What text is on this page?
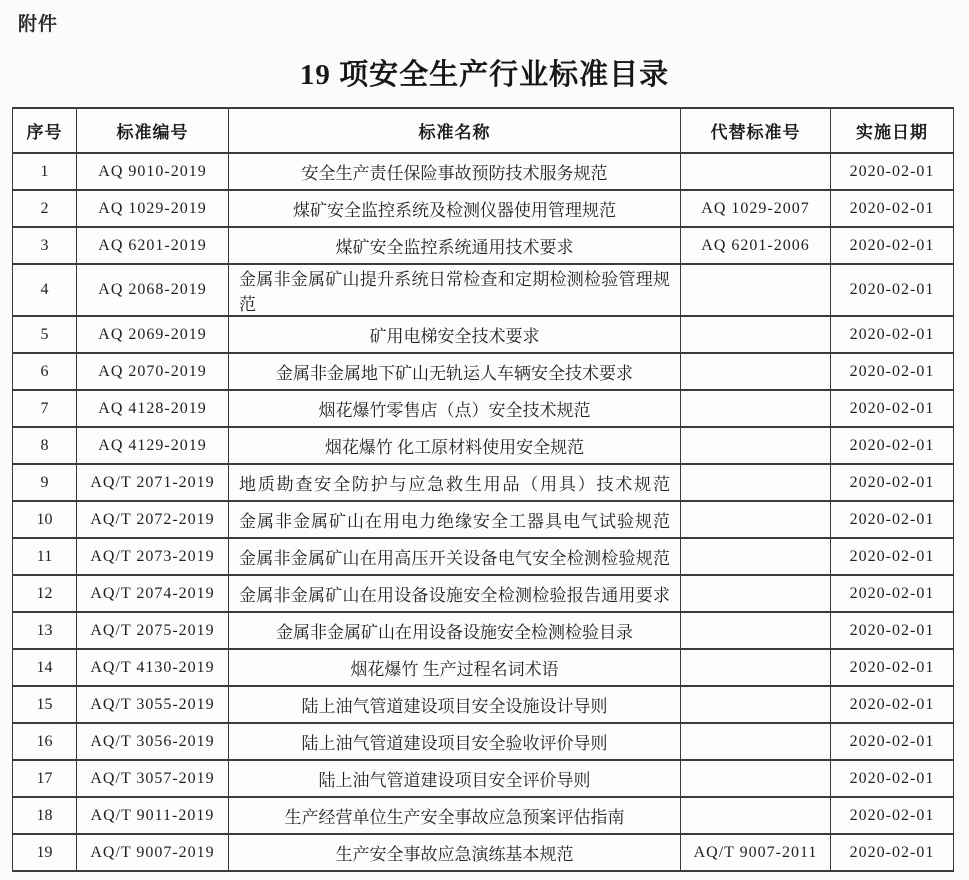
附件
19 项安全生产行业标准目录
序号	标准编号	标准名称	代替标准号	实施日期
1	AQ 9010-2019	安全生产责任保险事故预防技术服务规范		2020-02-01
2	AQ 1029-2019	煤矿安全监控系统及检测仪器使用管理规范	AQ 1029-2007	2020-02-01
3	AQ 6201-2019	煤矿安全监控系统通用技术要求	AQ 6201-2006	2020-02-01
4	AQ 2068-2019	金属非金属矿山提升系统日常检查和定期检测检验管理规范		2020-02-01
5	AQ 2069-2019	矿用电梯安全技术要求		2020-02-01
6	AQ 2070-2019	金属非金属地下矿山无轨运人车辆安全技术要求		2020-02-01
7	AQ 4128-2019	烟花爆竹零售店（点）安全技术规范		2020-02-01
8	AQ 4129-2019	烟花爆竹 化工原材料使用安全规范		2020-02-01
9	AQ/T 2071-2019	地质勘查安全防护与应急救生用品（用具）技术规范		2020-02-01
10	AQ/T 2072-2019	金属非金属矿山在用电力绝缘安全工器具电气试验规范		2020-02-01
11	AQ/T 2073-2019	金属非金属矿山在用高压开关设备电气安全检测检验规范		2020-02-01
12	AQ/T 2074-2019	金属非金属矿山在用设备设施安全检测检验报告通用要求		2020-02-01
13	AQ/T 2075-2019	金属非金属矿山在用设备设施安全检测检验目录		2020-02-01
14	AQ/T 4130-2019	烟花爆竹 生产过程名词术语		2020-02-01
15	AQ/T 3055-2019	陆上油气管道建设项目安全设施设计导则		2020-02-01
16	AQ/T 3056-2019	陆上油气管道建设项目安全验收评价导则		2020-02-01
17	AQ/T 3057-2019	陆上油气管道建设项目安全评价导则		2020-02-01
18	AQ/T 9011-2019	生产经营单位生产安全事故应急预案评估指南		2020-02-01
19	AQ/T 9007-2019	生产安全事故应急演练基本规范	AQ/T 9007-2011	2020-02-01
